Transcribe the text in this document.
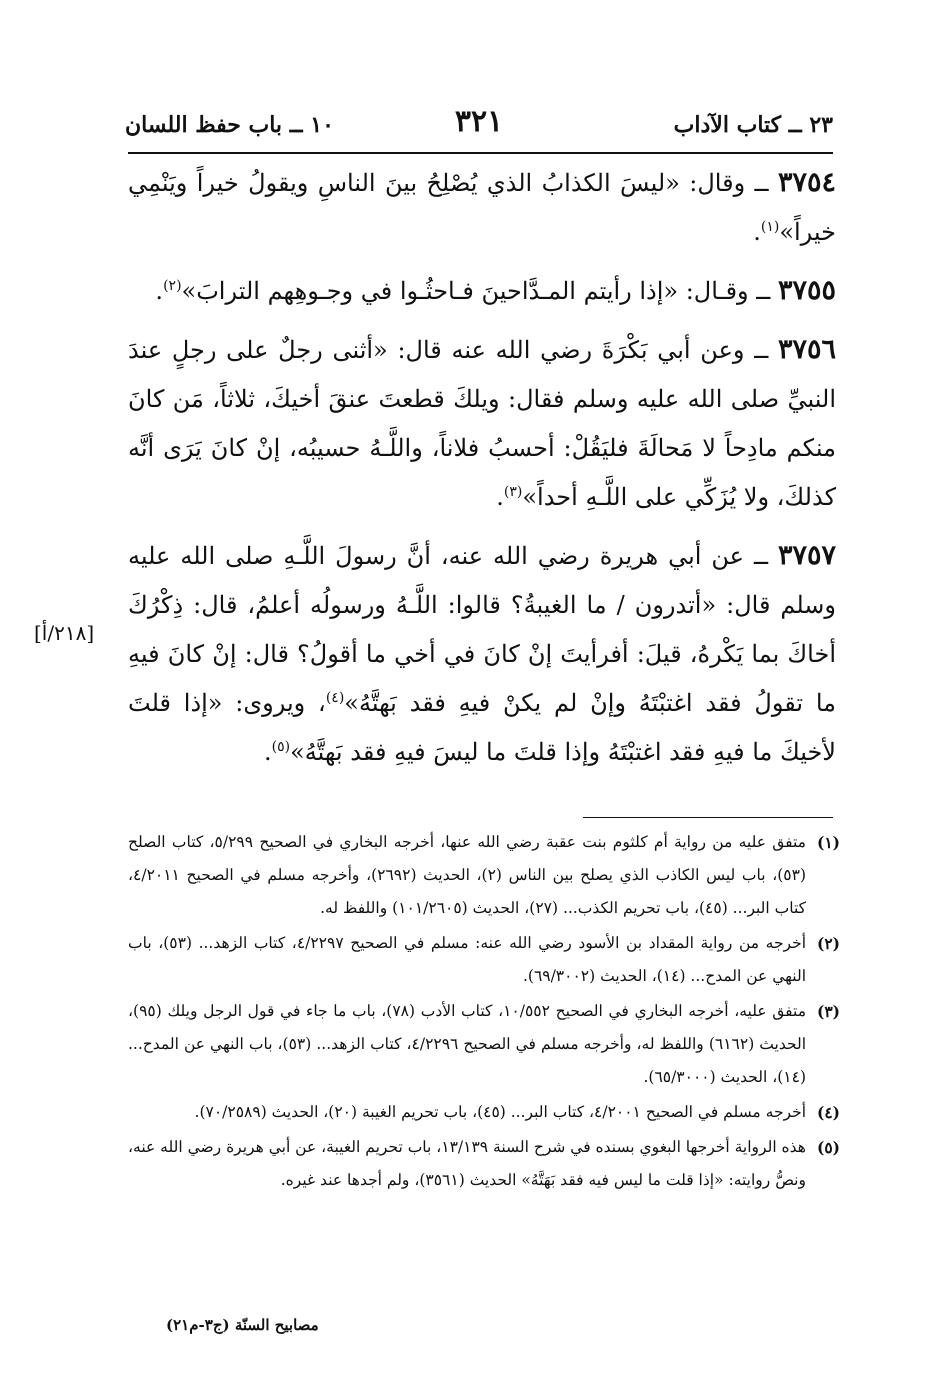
٢٣ ــ كتاب الآداب
٣٢١
١٠ ــ باب حفظ اللسان

٣٧٥٤ ــ وقال: «ليسَ الكذابُ الذي يُصْلِحُ بينَ الناسِ ويقولُ خيراً ويَنْمِي خيراً»$^{(١)}$.

٣٧٥٥ ــ وقـال: «إذا رأيتم المـدَّاحينَ فـاحثُـوا في وجـوهِهم الترابَ»$^{(٢)}$.

٣٧٥٦ ــ وعن أبي بَكْرَةَ رضي الله عنه قال: «أثنى رجلٌ على رجلٍ عندَ النبيِّ صلى الله عليه وسلم فقال: ويلكَ قطعتَ عنقَ أخيكَ، ثلاثاً، مَن كانَ منكم مادِحاً لا مَحالَةَ فليَقُلْ: أحسبُ فلاناً، واللَّـهُ حسيبُه، إنْ كانَ يَرَى أنَّه كذلكَ، ولا يُزَكِّي على اللَّـهِ أحداً»$^{(٣)}$.

٣٧٥٧ ــ عن أبي هريرة رضي الله عنه، أنَّ رسولَ اللَّـهِ صلى الله عليه وسلم قال: «أتدرون / ما الغيبةُ؟ قالوا: اللَّـهُ ورسولُه أعلمُ، قال: ذِكْرُكَ أخاكَ بما يَكْرهُ، قيلَ: أفرأيتَ إنْ كانَ في أخي ما أقولُ؟ قال: إنْ كانَ فيهِ ما تقولُ فقد اغتبْتَهُ وإنْ لم يكنْ فيهِ فقد بَهتَّهُ»$^{(٤)}$، ويروى: «إذا قلتَ لأخيكَ ما فيهِ فقد اغتبْتَهُ وإذا قلتَ ما ليسَ فيهِ فقد بَهتَّهُ»$^{(٥)}$.

[٢١٨/أ]
(١)
متفق عليه من رواية أم كلثوم بنت عقبة رضي الله عنها، أخرجه البخاري في الصحيح ٥/٢٩٩، كتاب الصلح (٥٣)، باب ليس الكاذب الذي يصلح بين الناس (٢)، الحديث (٢٦٩٢)، وأخرجه مسلم في الصحيح ٤/٢٠١١، كتاب البر... (٤٥)، باب تحريم الكذب... (٢٧)، الحديث (١٠١/٢٦٠٥) واللفظ له.
(٢)
أخرجه من رواية المقداد بن الأسود رضي الله عنه: مسلم في الصحيح ٤/٢٢٩٧، كتاب الزهد... (٥٣)، باب النهي عن المدح... (١٤)، الحديث (٦٩/٣٠٠٢).
(٣)
متفق عليه، أخرجه البخاري في الصحيح ١٠/٥٥٢، كتاب الأدب (٧٨)، باب ما جاء في قول الرجل ويلك (٩٥)، الحديث (٦١٦٢) واللفظ له، وأخرجه مسلم في الصحيح ٤/٢٢٩٦، كتاب الزهد... (٥٣)، باب النهي عن المدح... (١٤)، الحديث (٦٥/٣٠٠٠).
(٤)
أخرجه مسلم في الصحيح ٤/٢٠٠١، كتاب البر... (٤٥)، باب تحريم الغيبة (٢٠)، الحديث (٧٠/٢٥٨٩).
(٥)
هذه الرواية أخرجها البغوي بسنده في شرح السنة ١٣/١٣٩، باب تحريم الغيبة، عن أبي هريرة رضي الله عنه، ونصُّ روايته: «إذا قلت ما ليس فيه فقد بَهَتَّهُ» الحديث (٣٥٦١)، ولم أجدها عند غيره.
مصابيح السنّة (ج٣-م٢١)
